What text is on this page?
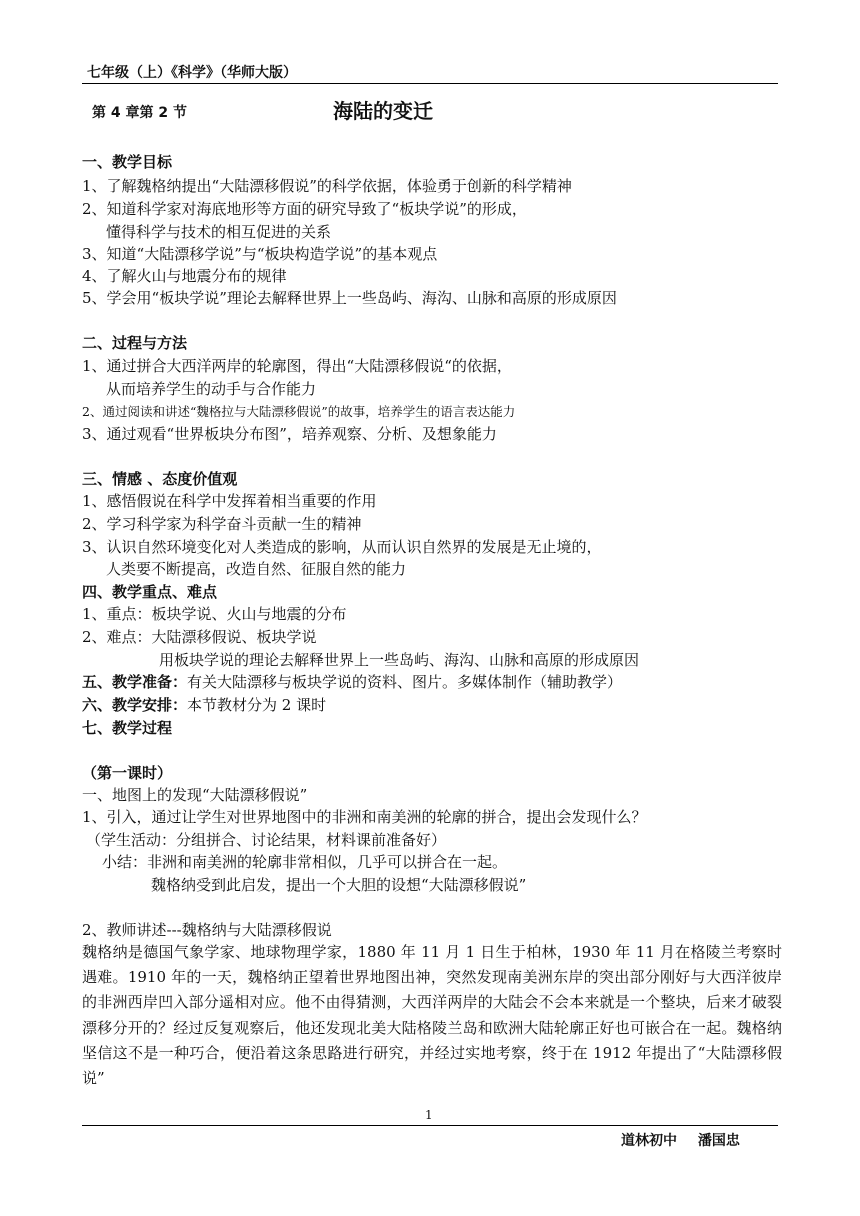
七年级（上）《科学》（华师大版）
第 4 章第 2 节	海陆的变迁
一、教学目标
1、了解魏格纳提出“大陆漂移假说”的科学依据，体验勇于创新的科学精神
2、知道科学家对海底地形等方面的研究导致了“板块学说”的形成，
懂得科学与技术的相互促进的关系
3、知道“大陆漂移学说”与“板块构造学说”的基本观点
4、了解火山与地震分布的规律
5、学会用“板块学说”理论去解释世界上一些岛屿、海沟、山脉和高原的形成原因
二、过程与方法
1、通过拼合大西洋两岸的轮廓图，得出“大陆漂移假说“的依据，
从而培养学生的动手与合作能力
2、通过阅读和讲述“魏格拉与大陆漂移假说”的故事，培养学生的语言表达能力
3、通过观看“世界板块分布图”，培养观察、分析、及想象能力
三、情感 、态度价值观
1、感悟假说在科学中发挥着相当重要的作用
2、学习科学家为科学奋斗贡献一生的精神
3、认识自然环境变化对人类造成的影响，从而认识自然界的发展是无止境的，
人类要不断提高，改造自然、征服自然的能力
四、教学重点、难点
1、重点：板块学说、火山与地震的分布
2、难点：大陆漂移假说、板块学说
用板块学说的理论去解释世界上一些岛屿、海沟、山脉和高原的形成原因
五、教学准备：有关大陆漂移与板块学说的资料、图片。多媒体制作（辅助教学）
六、教学安排：本节教材分为 2 课时
七、教学过程
（第一课时）
一、地图上的发现“大陆漂移假说”
1、引入，通过让学生对世界地图中的非洲和南美洲的轮廓的拼合，提出会发现什么？
（学生活动：分组拼合、讨论结果，材料课前准备好）
小结：非洲和南美洲的轮廓非常相似，几乎可以拼合在一起。
魏格纳受到此启发，提出一个大胆的设想“大陆漂移假说”
2、教师讲述---魏格纳与大陆漂移假说
魏格纳是德国气象学家、地球物理学家，1880 年 11 月 1 日生于柏林，1930 年 11 月在格陵兰考察时遇难。1910 年的一天，魏格纳正望着世界地图出神，突然发现南美洲东岸的突出部分刚好与大西洋彼岸的非洲西岸凹入部分遥相对应。他不由得猜测，大西洋两岸的大陆会不会本来就是一个整块，后来才破裂漂移分开的？经过反复观察后，他还发现北美大陆格陵兰岛和欧洲大陆轮廓正好也可嵌合在一起。魏格纳坚信这不是一种巧合，便沿着这条思路进行研究，并经过实地考察，终于在 1912 年提出了“大陆漂移假说”
1
道林初中 潘国忠
